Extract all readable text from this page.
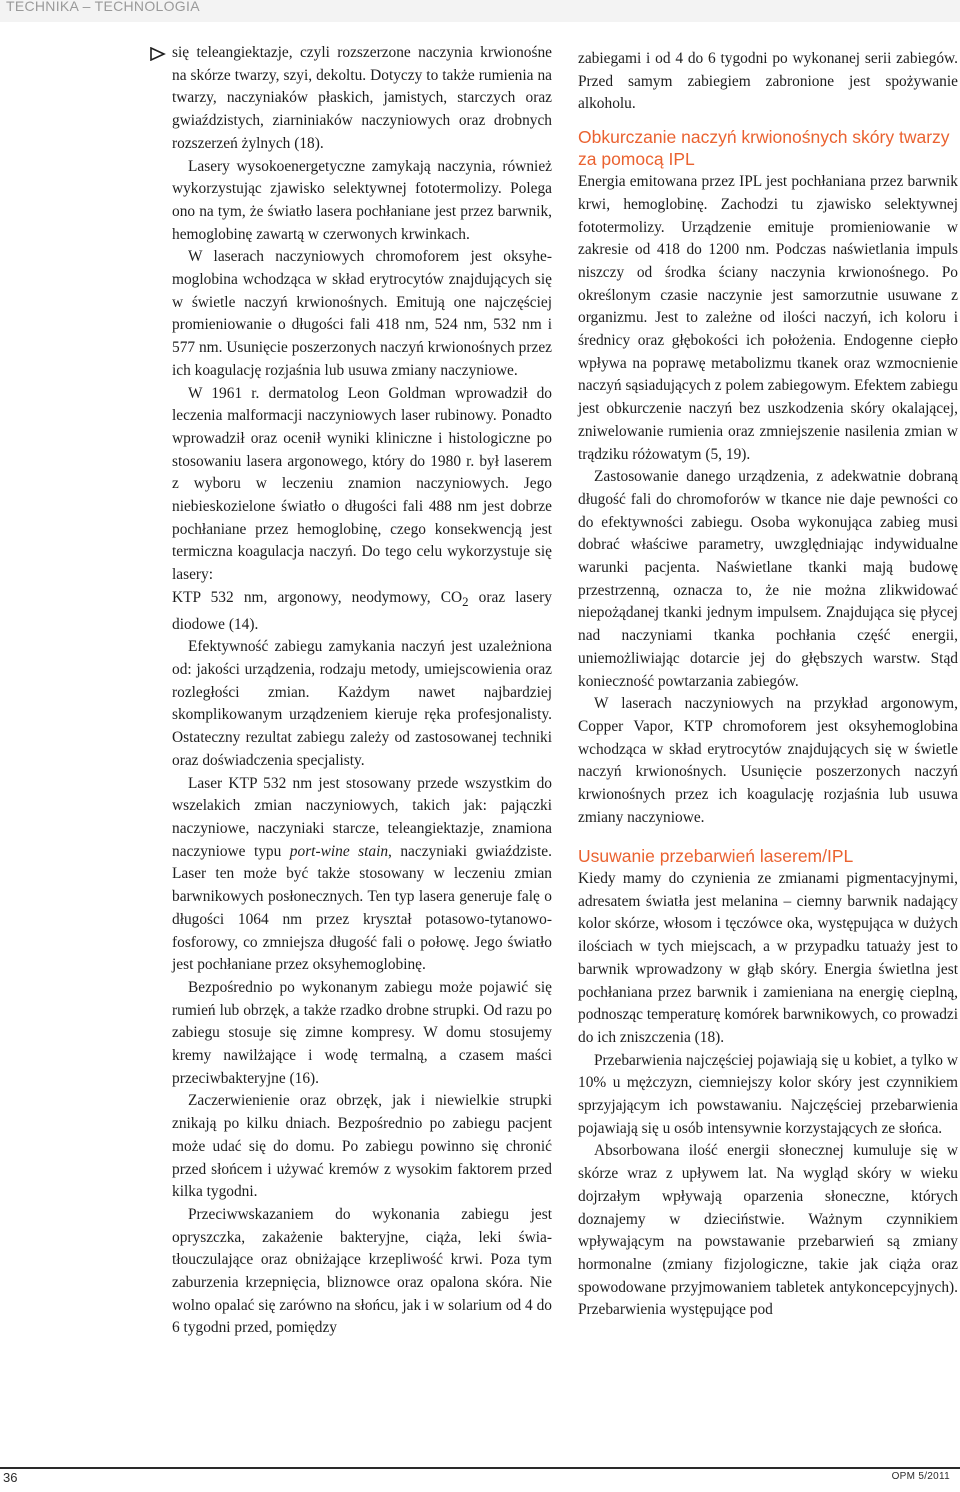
TECHNIKA – TECHNOLOGIA

się teleangiektazje, czyli rozszerzone naczynia krwionośne na skórze twarzy, szyi, dekoltu. Dotyczy to także rumienia na twarzy, naczyniaków płaskich, jamistych, starczych oraz gwiaździstych, ziarniniaków naczyniowych oraz drobnych rozszerzeń żylnych (18).

Lasery wysokoenergetyczne zamykają naczynia, również wykorzystując zjawisko selektywnej fototermolizy. Polega ono na tym, że światło lasera pochłaniane jest przez barwnik, hemoglobinę zawartą w czerwonych krwinkach.

W laserach naczyniowych chromoforem jest oksyhemoglobina wchodząca w skład erytrocytów znajdujących się w świetle naczyń krwionośnych. Emitują one najczęściej promieniowanie o długości fali 418 nm, 524 nm, 532 nm i 577 nm. Usunięcie poszerzonych naczyń krwionośnych przez ich koagulację rozjaśnia lub usuwa zmiany naczyniowe.

W 1961 r. dermatolog Leon Goldman wprowadził do leczenia malformacji naczyniowych laser rubinowy. Ponadto wprowadził oraz ocenił wyniki kliniczne i histologiczne po stosowaniu lasera argonowego, który do 1980 r. był laserem z wyboru w leczeniu znamion naczyniowych. Jego niebieskozielone światło o długości fali 488 nm jest dobrze pochłaniane przez hemoglobinę, czego konsekwencją jest termiczna koagulacja naczyń. Do tego celu wykorzystuje się lasery:

KTP 532 nm, argonowy, neodymowy, $CO_2$ oraz lasery diodowe (14).

Efektywność zabiegu zamykania naczyń jest uzależniona od: jakości urządzenia, rodzaju metody, umiejscowienia oraz rozległości zmian. Każdym nawet najbardziej skomplikowanym urządzeniem kieruje ręka profesjonalisty. Ostateczny rezultat zabiegu zależy od zastosowanej techniki oraz doświadczenia specjalisty.

Laser KTP 532 nm jest stosowany przede wszystkim do wszelakich zmian naczyniowych, takich jak: pajączki naczyniowe, naczyniaki starcze, teleangiektazje, znamiona naczyniowe typu port-wine stain, naczyniaki gwiaździste. Laser ten może być także stosowany w leczeniu zmian barwnikowych posłonecznych. Ten typ lasera generuje falę o długości 1064 nm przez kryształ potasowo-tytanowo-fosforowy, co zmniejsza długość fali o połowę. Jego światło jest pochłaniane przez oksyhemoglobinę.

Bezpośrednio po wykonanym zabiegu może pojawić się rumień lub obrzęk, a także rzadko drobne strupki. Od razu po zabiegu stosuje się zimne kompresy. W domu stosujemy kremy nawilżające i wodę termalną, a czasem maści przeciwbakteryjne (16).

Zaczerwienienie oraz obrzęk, jak i niewielkie strupki znikają po kilku dniach. Bezpośrednio po zabiegu pacjent może udać się do domu. Po zabiegu powinno się chronić przed słońcem i używać kremów z wysokim faktorem przed kilka tygodni.

Przeciwwskazaniem do wykonania zabiegu jest opryszczka, zakażenie bakteryjne, ciąża, leki światłouczulające oraz obniżające krzepliwość krwi. Poza tym zaburzenia krzepnięcia, bliznowce oraz opalona skóra. Nie wolno opalać się zarówno na słońcu, jak i w solarium od 4 do 6 tygodni przed, pomiędzy

zabiegami i od 4 do 6 tygodni po wykonanej serii zabiegów. Przed samym zabiegiem zabronione jest spożywanie alkoholu.

Obkurczanie naczyń krwionośnych skóry twarzy za pomocą IPL

Energia emitowana przez IPL jest pochłaniana przez barwnik krwi, hemoglobinę. Zachodzi tu zjawisko selektywnej fototermolizy. Urządzenie emituje promieniowanie w zakresie od 418 do 1200 nm. Podczas naświetlania impuls niszczy od środka ściany naczynia krwionośnego. Po określonym czasie naczynie jest samorzutnie usuwane z organizmu. Jest to zależne od ilości naczyń, ich koloru i średnicy oraz głębokości ich położenia. Endogenne ciepło wpływa na poprawę metabolizmu tkanek oraz wzmocnienie naczyń sąsiadujących z polem zabiegowym. Efektem zabiegu jest obkurczenie naczyń bez uszkodzenia skóry okalającej, zniwelowanie rumienia oraz zmniejszenie nasilenia zmian w trądziku różowatym (5, 19).

Zastosowanie danego urządzenia, z adekwatnie dobraną długość fali do chromoforów w tkance nie daje pewności co do efektywności zabiegu. Osoba wykonująca zabieg musi dobrać właściwe parametry, uwzględniając indywidualne warunki pacjenta. Naświetlane tkanki mają budowę przestrzenną, oznacza to, że nie można zlikwidować niepożądanej tkanki jednym impulsem. Znajdująca się płycej nad naczyniami tkanka pochłania część energii, uniemożliwiając dotarcie jej do głębszych warstw. Stąd konieczność powtarzania zabiegów.

W laserach naczyniowych na przykład argonowym, Copper Vapor, KTP chromoforem jest oksyhemoglobina wchodząca w skład erytrocytów znajdujących się w świetle naczyń krwionośnych. Usunięcie poszerzonych naczyń krwionośnych przez ich koagulację rozjaśnia lub usuwa zmiany naczyniowe.

Usuwanie przebarwień laserem/IPL

Kiedy mamy do czynienia ze zmianami pigmentacyjnymi, adresatem światła jest melanina – ciemny barwnik nadający kolor skórze, włosom i tęczówce oka, występująca w dużych ilościach w tych miejscach, a w przypadku tatuaży jest to barwnik wprowadzony w głąb skóry. Energia świetlna jest pochłaniana przez barwnik i zamieniana na energię cieplną, podnosząc temperaturę komórek barwnikowych, co prowadzi do ich zniszczenia (18).

Przebarwienia najczęściej pojawiają się u kobiet, a tylko w 10% u mężczyzn, ciemniejszy kolor skóry jest czynnikiem sprzyjającym ich powstawaniu. Najczęściej przebarwienia pojawiają się u osób intensywnie korzystających ze słońca.

Absorbowana ilość energii słonecznej kumuluje się w skórze wraz z upływem lat. Na wygląd skóry w wieku dojrzałym wpływają oparzenia słoneczne, których doznajemy w dzieciństwie. Ważnym czynnikiem wpływającym na powstawanie przebarwień są zmiany hormonalne (zmiany fizjologiczne, takie jak ciąża oraz spowodowane przyjmowaniem tabletek antykoncepcyjnych). Przebarwienia występujące pod

36	OPM 5/2011
